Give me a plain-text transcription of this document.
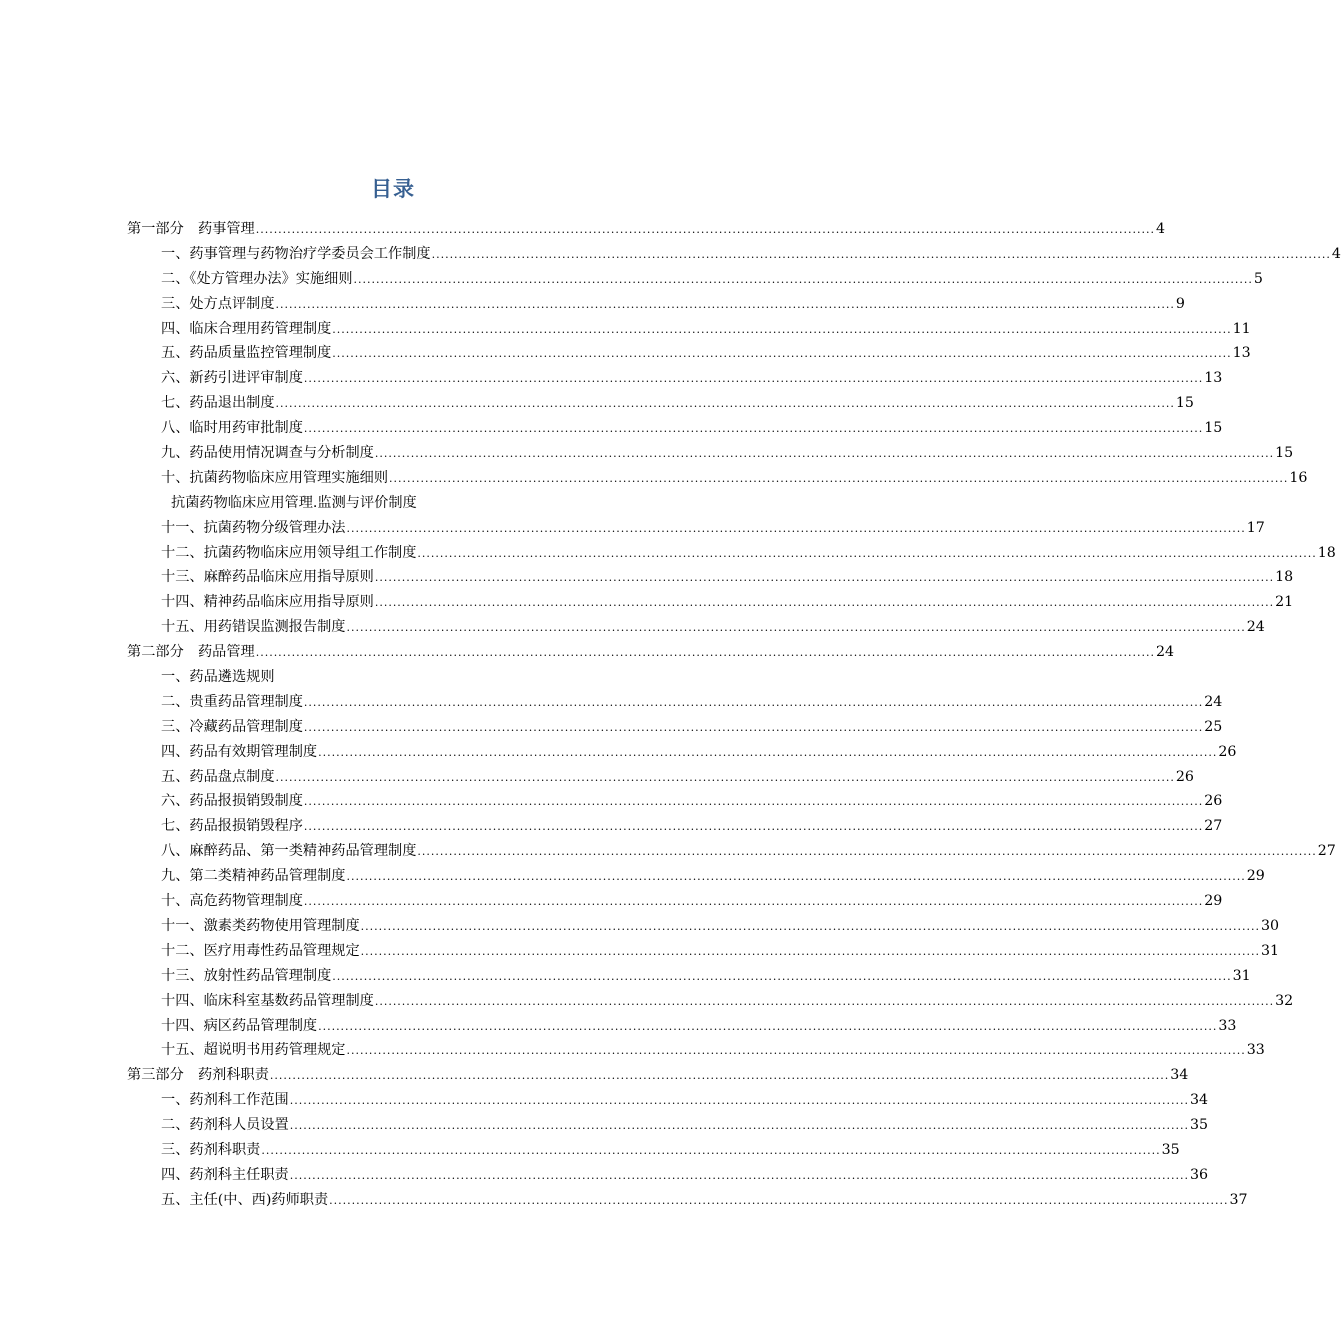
目录
第一部分　药事管理 ........................................................................................................................................................................................................ 4
一、药事管理与药物治疗学委员会工作制度 ........................................................................................................................................................................................................ 4
二、《处方管理办法》实施细则 ........................................................................................................................................................................................................ 5
三、处方点评制度 ........................................................................................................................................................................................................ 9
四、临床合理用药管理制度 ........................................................................................................................................................................................................ 11
五、药品质量监控管理制度 ........................................................................................................................................................................................................ 13
六、新药引进评审制度 ........................................................................................................................................................................................................ 13
七、药品退出制度 ........................................................................................................................................................................................................ 15
八、临时用药审批制度 ........................................................................................................................................................................................................ 15
九、药品使用情况调查与分析制度 ........................................................................................................................................................................................................ 15
十、抗菌药物临床应用管理实施细则 ........................................................................................................................................................................................................ 16
抗菌药物临床应用管理.监测与评价制度
十一、抗菌药物分级管理办法 ........................................................................................................................................................................................................ 17
十二、抗菌药物临床应用领导组工作制度 ........................................................................................................................................................................................................ 18
十三、麻醉药品临床应用指导原则 ........................................................................................................................................................................................................ 18
十四、精神药品临床应用指导原则 ........................................................................................................................................................................................................ 21
十五、用药错误监测报告制度 ........................................................................................................................................................................................................ 24
第二部分　药品管理 ........................................................................................................................................................................................................ 24
一、药品遴选规则
二、贵重药品管理制度 ........................................................................................................................................................................................................ 24
三、冷藏药品管理制度 ........................................................................................................................................................................................................ 25
四、药品有效期管理制度 ........................................................................................................................................................................................................ 26
五、药品盘点制度 ........................................................................................................................................................................................................ 26
六、药品报损销毁制度 ........................................................................................................................................................................................................ 26
七、药品报损销毁程序 ........................................................................................................................................................................................................ 27
八、麻醉药品、第一类精神药品管理制度 ........................................................................................................................................................................................................ 27
九、第二类精神药品管理制度 ........................................................................................................................................................................................................ 29
十、高危药物管理制度 ........................................................................................................................................................................................................ 29
十一、激素类药物使用管理制度 ........................................................................................................................................................................................................ 30
十二、医疗用毒性药品管理规定 ........................................................................................................................................................................................................ 31
十三、放射性药品管理制度 ........................................................................................................................................................................................................ 31
十四、临床科室基数药品管理制度 ........................................................................................................................................................................................................ 32
十四、病区药品管理制度 ........................................................................................................................................................................................................ 33
十五、超说明书用药管理规定 ........................................................................................................................................................................................................ 33
第三部分　药剂科职责 ........................................................................................................................................................................................................ 34
一、药剂科工作范围 ........................................................................................................................................................................................................ 34
二、药剂科人员设置 ........................................................................................................................................................................................................ 35
三、药剂科职责 ........................................................................................................................................................................................................ 35
四、药剂科主任职责 ........................................................................................................................................................................................................ 36
五、主任(中、西)药师职责 ........................................................................................................................................................................................................ 37
